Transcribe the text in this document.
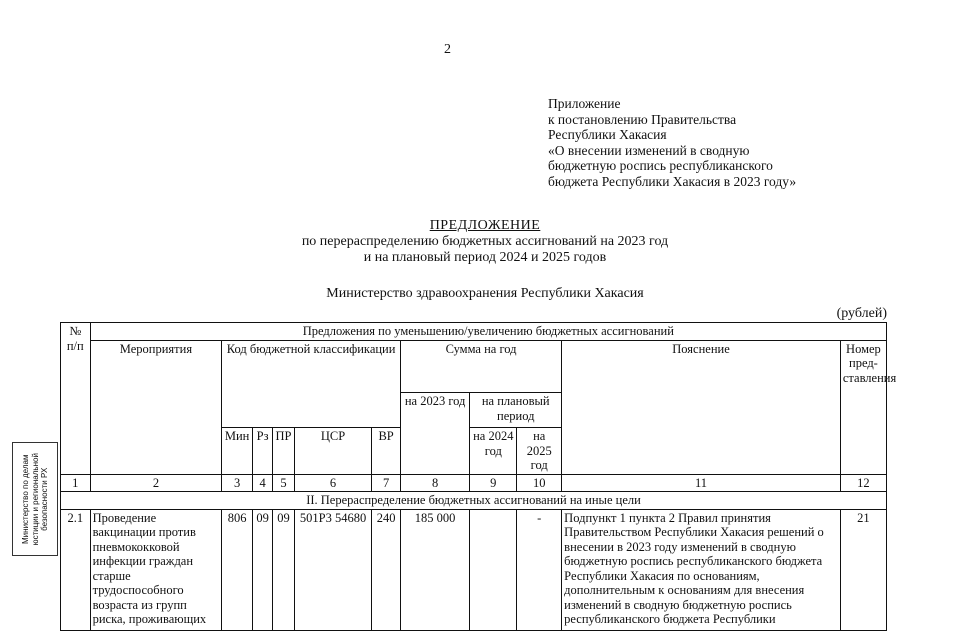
2
Приложение
к постановлению Правительства
Республики Хакасия
«О внесении изменений в сводную
бюджетную роспись республиканского
бюджета Республики Хакасия в 2023 году»
ПРЕДЛОЖЕНИЕ
по перераспределению бюджетных ассигнований на 2023 год
и на плановый период 2024 и 2025 годов
Министерство здравоохранения Республики Хакасия
(рублей)
№ п/п	Предложения по уменьшению/увеличению бюджетных ассигнований										
	Мероприятия	Код бюджетной классификации					Сумма на год			Пояснение	Номер пред-ставления
							на 2023 год	на плановый период			
		Мин	Рз	ПР	ЦСР	ВР		на 2024 год	на 2025 год		
1	2	3	4	5	6	7	8	9	10	11	12
II. Перераспределение бюджетных ассигнований на иные цели											
2.1	Проведение вакцинации против пневмококковой инфекции граждан старше трудоспособного возраста из групп риска, проживающих	806	09	09	501Р3 54680	240	185 000		-	Подпункт 1 пункта 2 Правил принятия Правительством Республики Хакасия решений о внесении в 2023 году изменений в сводную бюджетную роспись республиканского бюджета Республики Хакасия по основаниям, дополнительным к основаниям для внесения изменений в сводную бюджетную роспись республиканского бюджета Республики	21
Министерство по делам юстиции и региональной безопасности РХ
